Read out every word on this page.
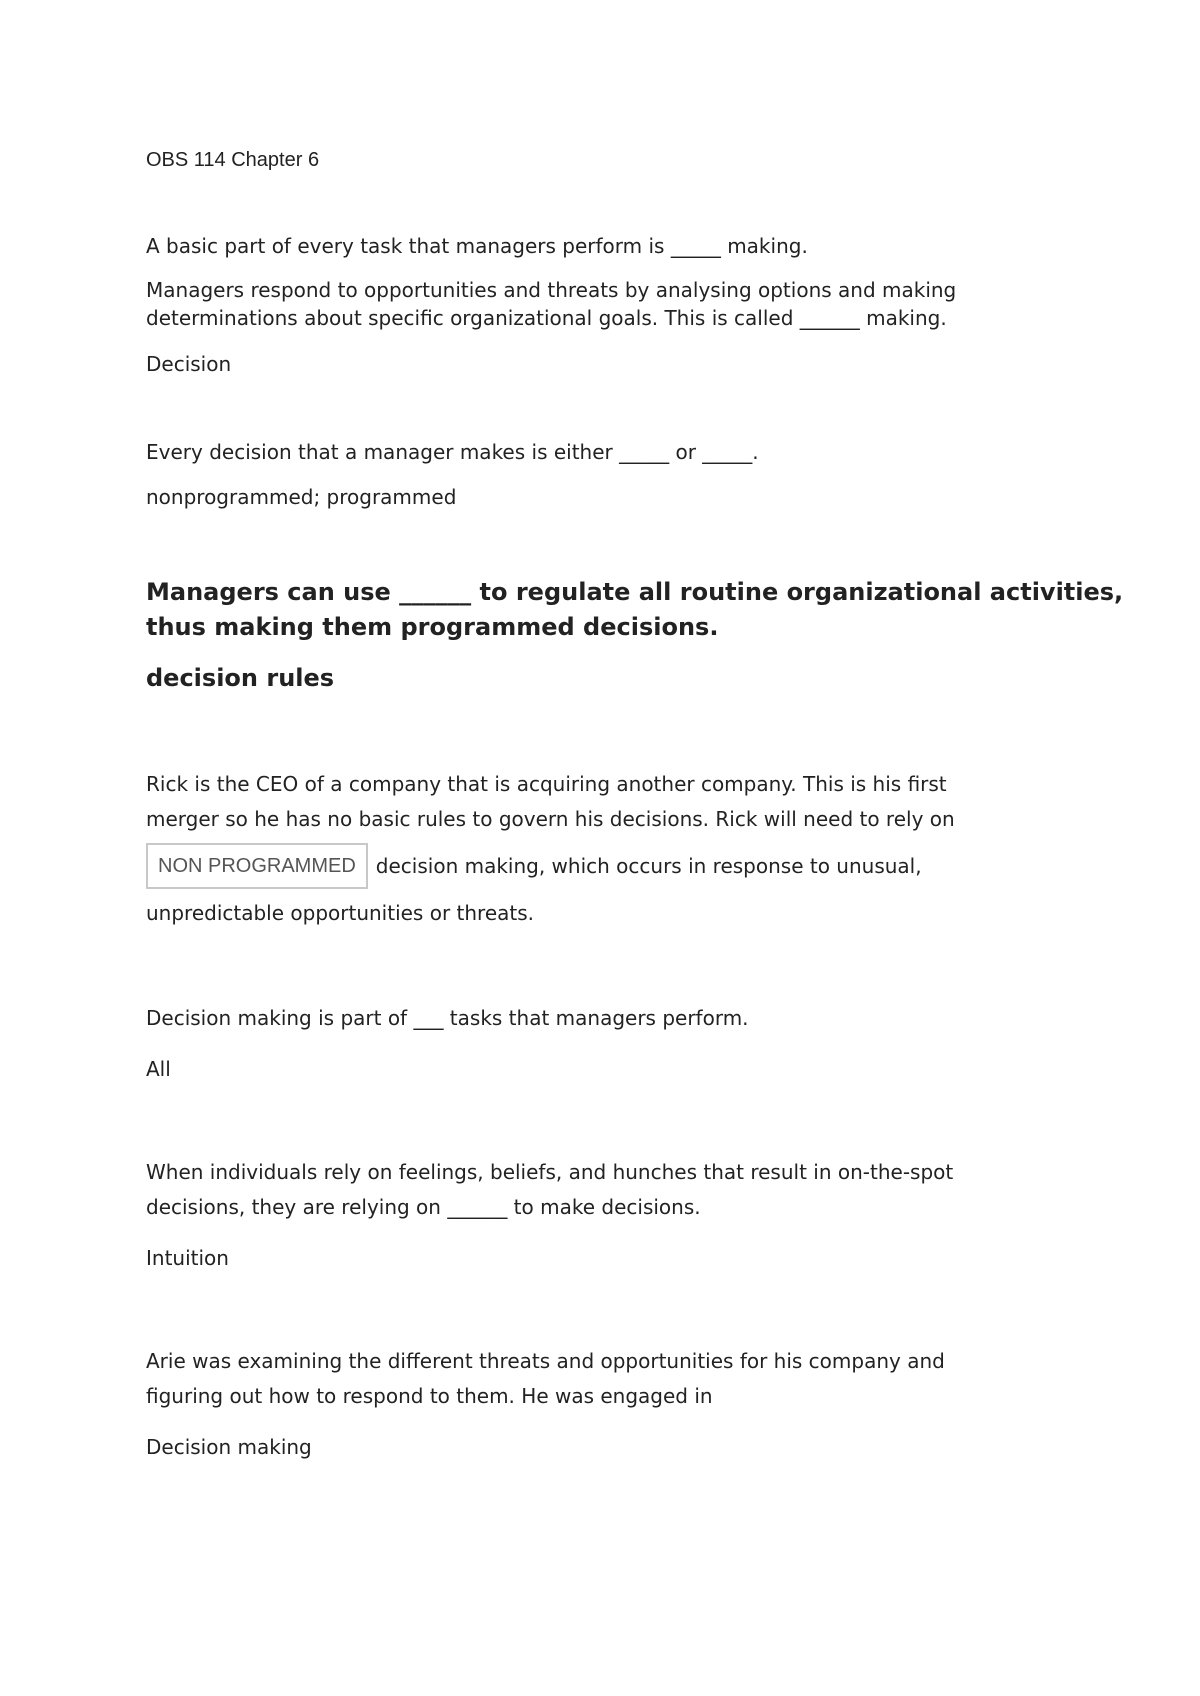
OBS 114 Chapter 6

A basic part of every task that managers perform is _____ making.

Managers respond to opportunities and threats by analysing options and making

determinations about specific organizational goals. This is called ______ making.

Decision

Every decision that a manager makes is either _____ or _____.

nonprogrammed; programmed

Managers can use ______ to regulate all routine organizational activities,

thus making them programmed decisions.

decision rules

Rick is the CEO of a company that is acquiring another company. This is his first

merger so he has no basic rules to govern his decisions. Rick will need to rely on

NON PROGRAMMED	decision making, which occurs in response to unusual,

unpredictable opportunities or threats.

Decision making is part of ___ tasks that managers perform.

All

When individuals rely on feelings, beliefs, and hunches that result in on-the-spot

decisions, they are relying on ______ to make decisions.

Intuition

Arie was examining the different threats and opportunities for his company and

figuring out how to respond to them. He was engaged in

Decision making
